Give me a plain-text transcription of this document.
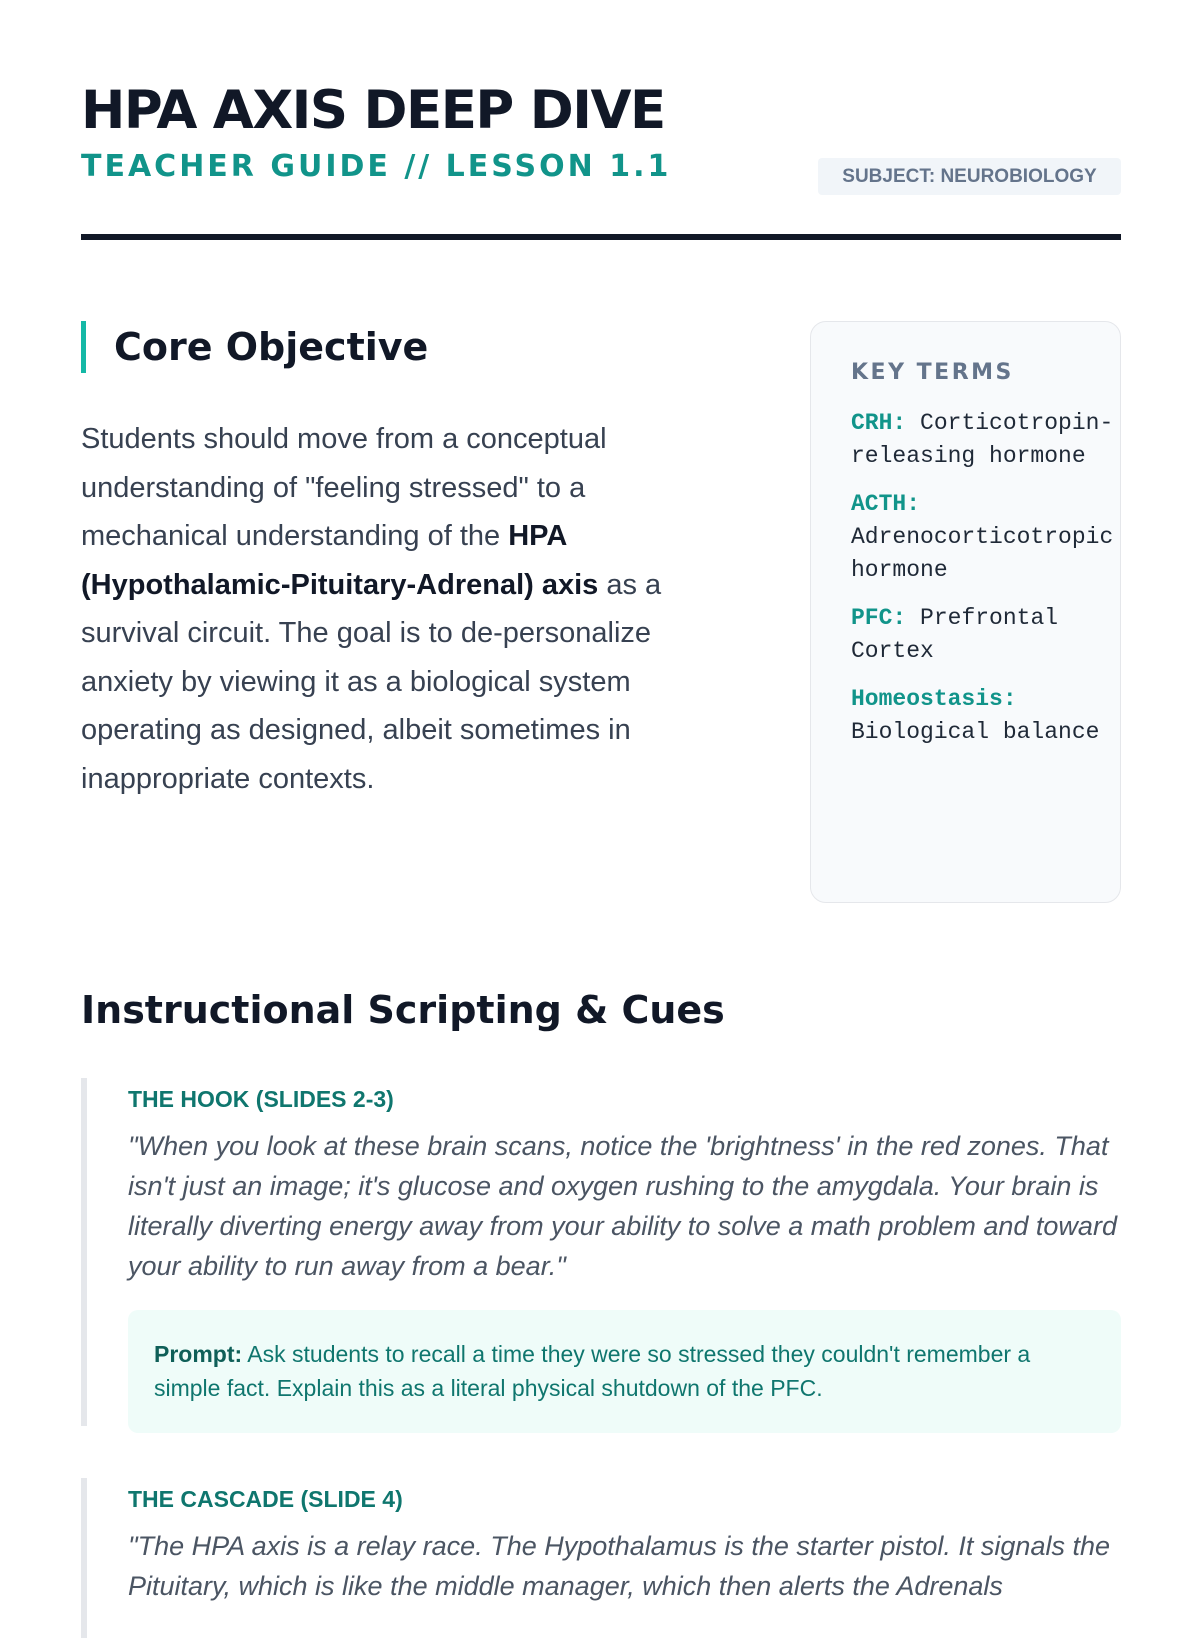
HPA AXIS DEEP DIVE
TEACHER GUIDE // LESSON 1.1	SUBJECT: NEUROBIOLOGY
Core Objective

Students should move from a conceptual understanding of "feeling stressed" to a mechanical understanding of the HPA (Hypothalamic-Pituitary-Adrenal) axis as a survival circuit. The goal is to de-personalize anxiety by viewing it as a biological system operating as designed, albeit sometimes in inappropriate contexts.

KEY TERMS
CRH: Corticotropin-releasing hormone
ACTH: Adrenocorticotropic hormone
PFC: Prefrontal Cortex
Homeostasis: Biological balance
Instructional Scripting & Cues
THE HOOK (SLIDES 2-3)

"When you look at these brain scans, notice the 'brightness' in the red zones. That isn't just an image; it's glucose and oxygen rushing to the amygdala. Your brain is literally diverting energy away from your ability to solve a math problem and toward your ability to run away from a bear."

Prompt: Ask students to recall a time they were so stressed they couldn't remember a simple fact. Explain this as a literal physical shutdown of the PFC.
THE CASCADE (SLIDE 4)

"The HPA axis is a relay race. The Hypothalamus is the starter pistol. It signals the Pituitary, which is like the middle manager, which then alerts the Adrenals
